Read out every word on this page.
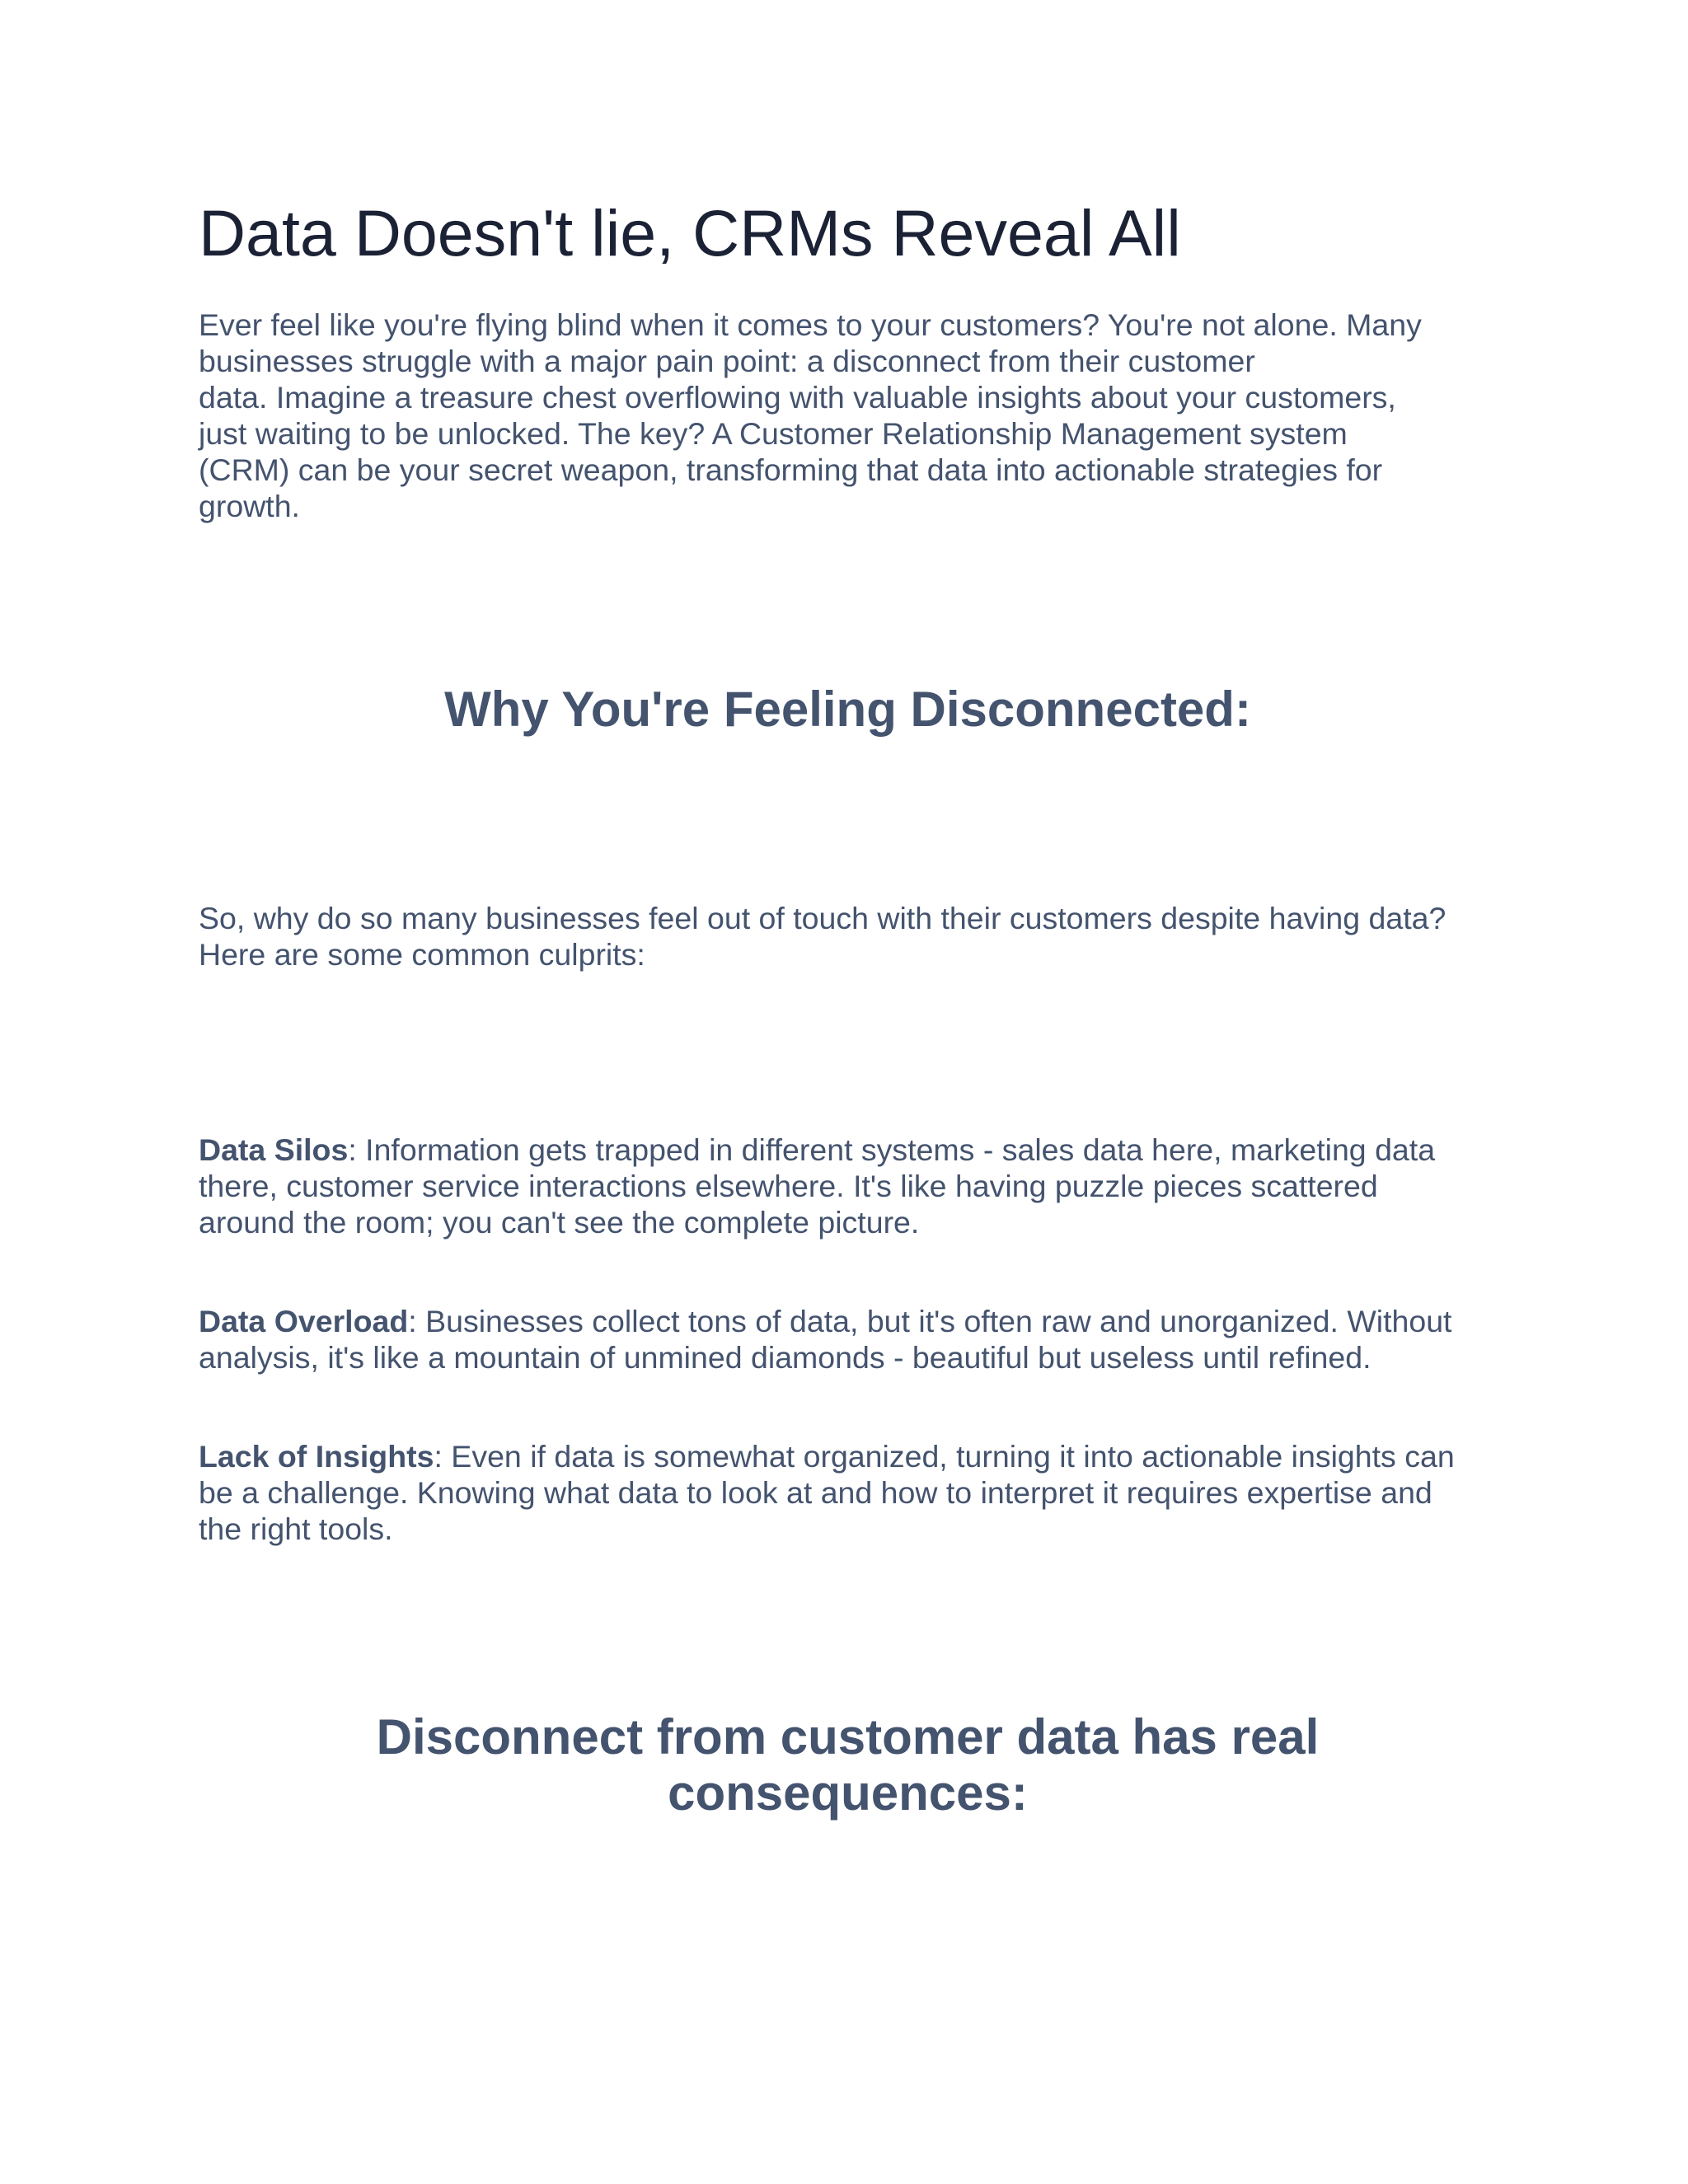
Data Doesn't lie, CRMs Reveal All

Ever feel like you're flying blind when it comes to your customers? You're not alone. Many
businesses struggle with a major pain point: a disconnect from their customer
data. Imagine a treasure chest overflowing with valuable insights about your customers,
just waiting to be unlocked. The key? A Customer Relationship Management system
(CRM) can be your secret weapon, transforming that data into actionable strategies for
growth.

Why You're Feeling Disconnected:

So, why do so many businesses feel out of touch with their customers despite having data?
Here are some common culprits:

Data Silos: Information gets trapped in different systems - sales data here, marketing data
there, customer service interactions elsewhere. It's like having puzzle pieces scattered
around the room; you can't see the complete picture.

Data Overload: Businesses collect tons of data, but it's often raw and unorganized. Without
analysis, it's like a mountain of unmined diamonds - beautiful but useless until refined.

Lack of Insights: Even if data is somewhat organized, turning it into actionable insights can
be a challenge. Knowing what data to look at and how to interpret it requires expertise and
the right tools.

Disconnect from customer data has real
consequences:
